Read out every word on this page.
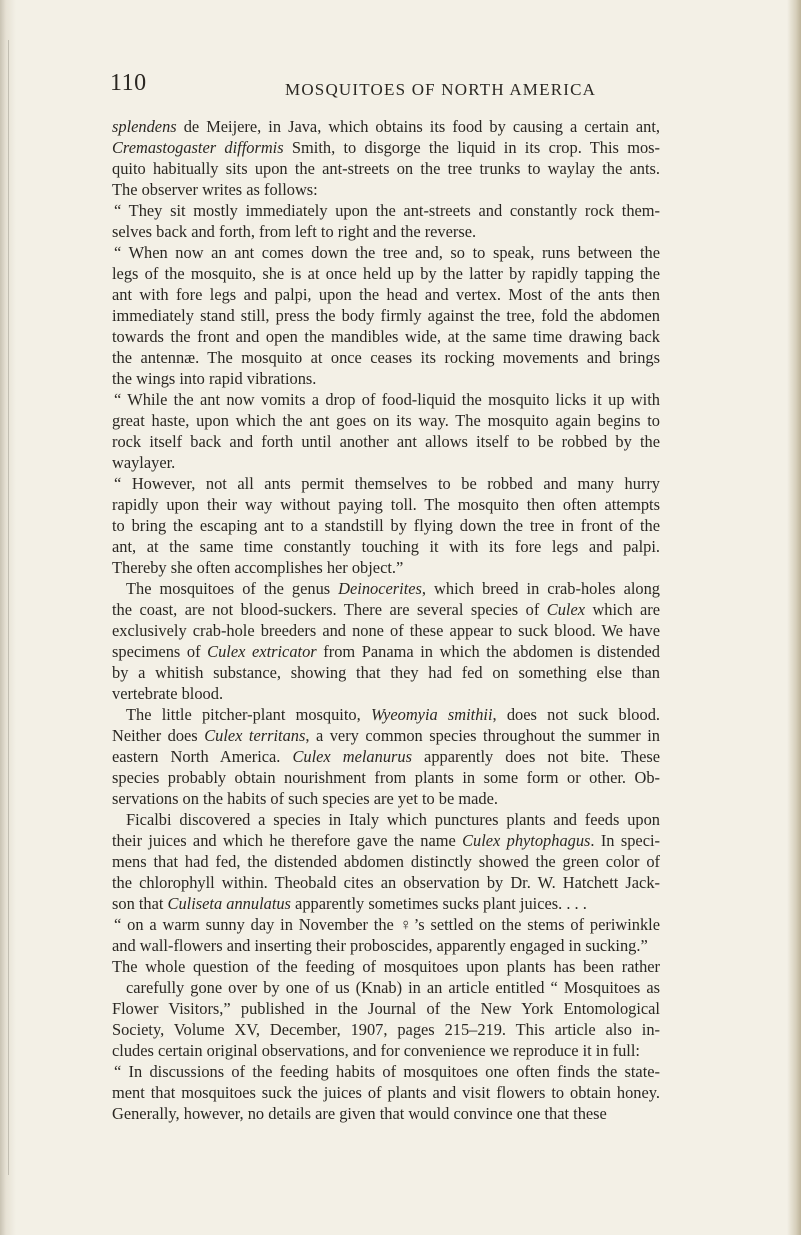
110	MOSQUITOES OF NORTH AMERICA
splendens de Meijere, in Java, which obtains its food by causing a certain ant,
Cremastogaster difformis Smith, to disgorge the liquid in its crop. This mos-
quito habitually sits upon the ant-streets on the tree trunks to waylay the ants.
The observer writes as follows:
“ They sit mostly immediately upon the ant-streets and constantly rock them-
selves back and forth, from left to right and the reverse.
“ When now an ant comes down the tree and, so to speak, runs between the
legs of the mosquito, she is at once held up by the latter by rapidly tapping the
ant with fore legs and palpi, upon the head and vertex. Most of the ants then
immediately stand still, press the body firmly against the tree, fold the abdomen
towards the front and open the mandibles wide, at the same time drawing back
the antennæ. The mosquito at once ceases its rocking movements and brings
the wings into rapid vibrations.
“ While the ant now vomits a drop of food-liquid the mosquito licks it up with
great haste, upon which the ant goes on its way. The mosquito again begins to
rock itself back and forth until another ant allows itself to be robbed by the
waylayer.
“ However, not all ants permit themselves to be robbed and many hurry
rapidly upon their way without paying toll. The mosquito then often attempts
to bring the escaping ant to a standstill by flying down the tree in front of the
ant, at the same time constantly touching it with its fore legs and palpi.
Thereby she often accomplishes her object.”
The mosquitoes of the genus Deinocerites, which breed in crab-holes along
the coast, are not blood-suckers. There are several species of Culex which are
exclusively crab-hole breeders and none of these appear to suck blood. We have
specimens of Culex extricator from Panama in which the abdomen is distended
by a whitish substance, showing that they had fed on something else than
vertebrate blood.
The little pitcher-plant mosquito, Wyeomyia smithii, does not suck blood.
Neither does Culex territans, a very common species throughout the summer in
eastern North America. Culex melanurus apparently does not bite. These
species probably obtain nourishment from plants in some form or other. Ob-
servations on the habits of such species are yet to be made.
Ficalbi discovered a species in Italy which punctures plants and feeds upon
their juices and which he therefore gave the name Culex phytophagus. In speci-
mens that had fed, the distended abdomen distinctly showed the green color of
the chlorophyll within. Theobald cites an observation by Dr. W. Hatchett Jack-
son that Culiseta annulatus apparently sometimes sucks plant juices. . . .
“ on a warm sunny day in November the ♀’s settled on the stems of periwinkle
and wall-flowers and inserting their proboscides, apparently engaged in sucking.”
The whole question of the feeding of mosquitoes upon plants has been rather
carefully gone over by one of us (Knab) in an article entitled “ Mosquitoes as
Flower Visitors,” published in the Journal of the New York Entomological
Society, Volume XV, December, 1907, pages 215–219. This article also in-
cludes certain original observations, and for convenience we reproduce it in full:
“ In discussions of the feeding habits of mosquitoes one often finds the state-
ment that mosquitoes suck the juices of plants and visit flowers to obtain honey.
Generally, however, no details are given that would convince one that these
